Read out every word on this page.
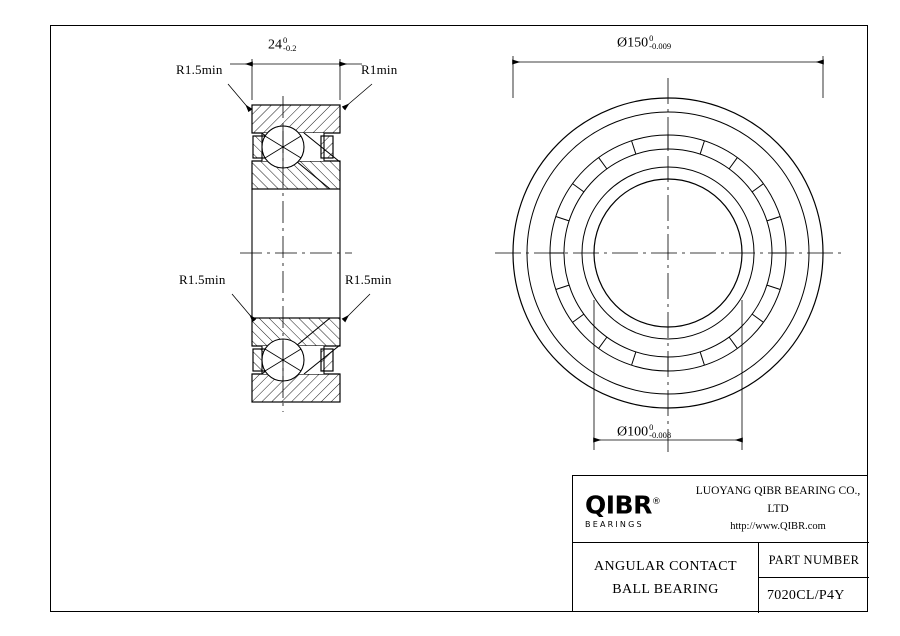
24 0
-0.2
R1.5min	R1min
R1.5min	R1.5min
Ø150 0
-0.009
Ø100 0
-0.008
QIBR®
BEARINGS
LUOYANG QIBR BEARING CO., LTD
http://www.QIBR.com
ANGULAR CONTACT
BALL BEARING
PART NUMBER
7020CL/P4Y
